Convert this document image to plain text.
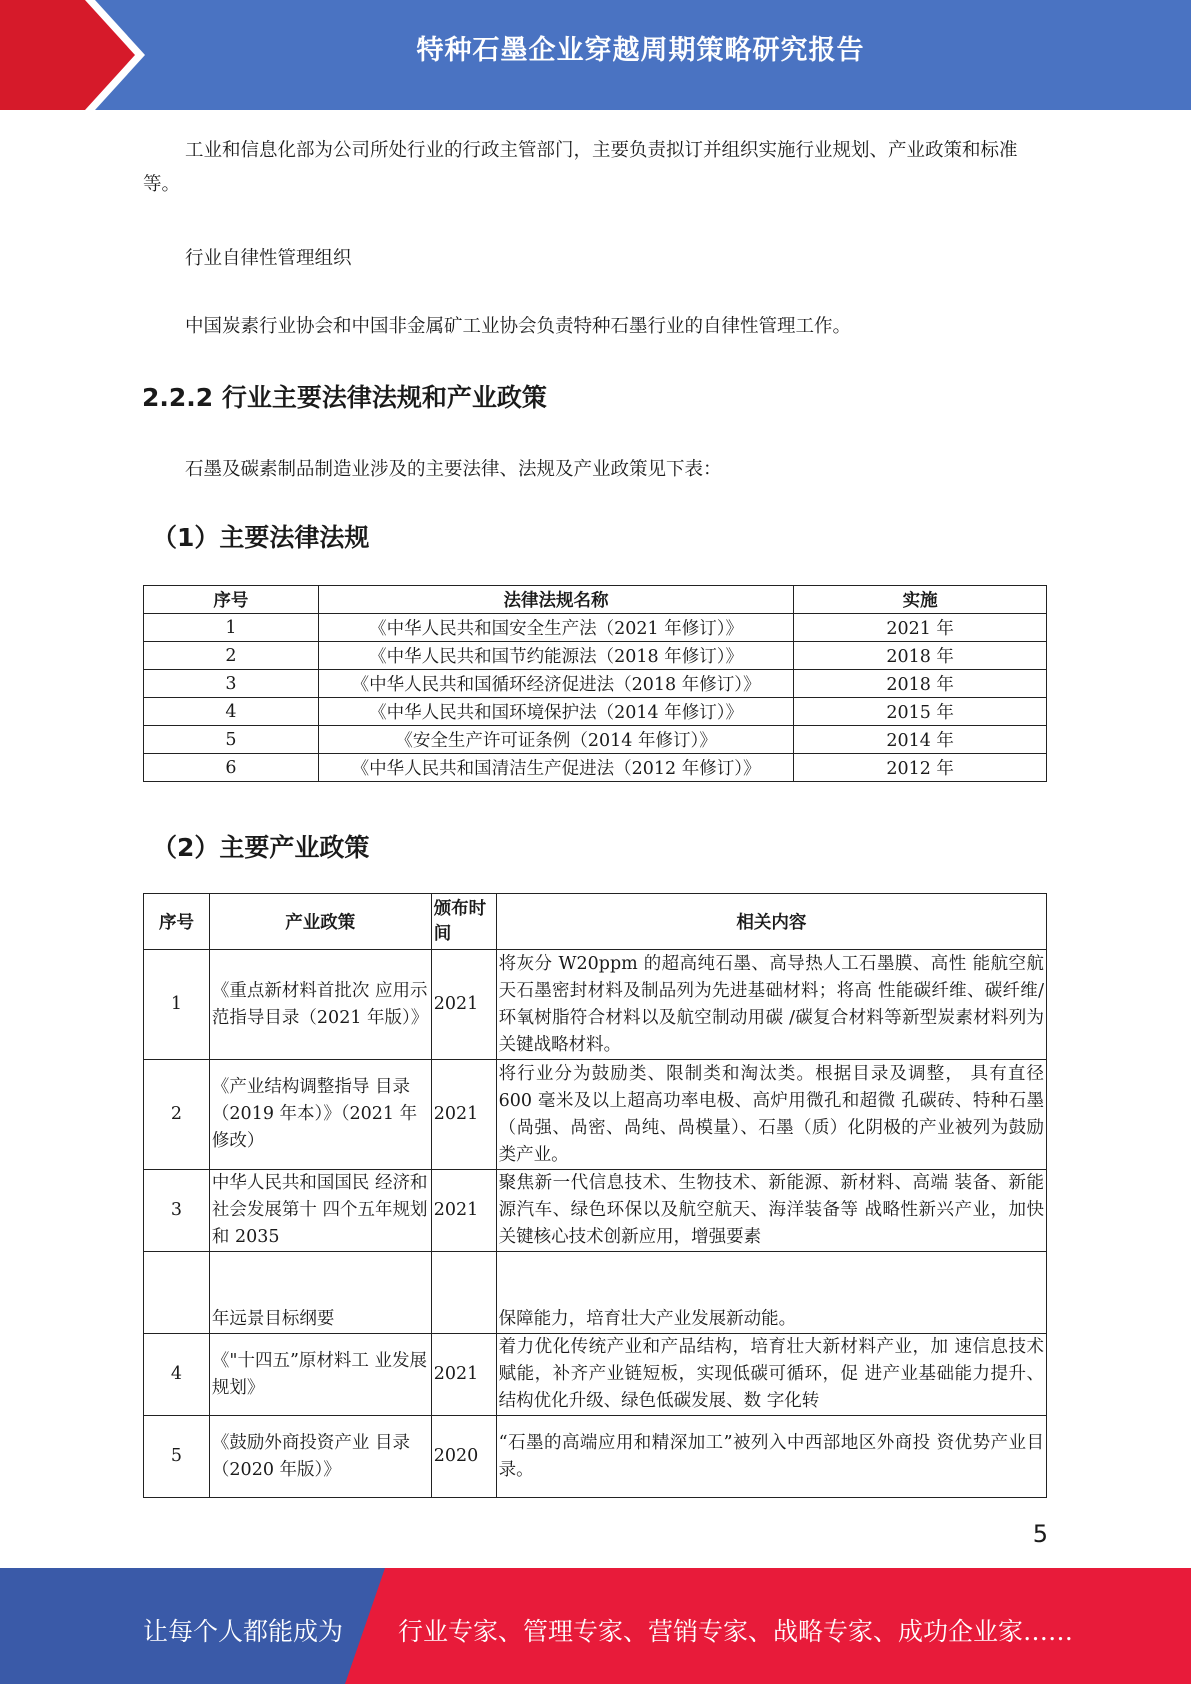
特种石墨企业穿越周期策略研究报告
工业和信息化部为公司所处行业的行政主管部门，主要负责拟订并组织实施行业规划、产业政策和标准等。
行业自律性管理组织
中国炭素行业协会和中国非金属矿工业协会负责特种石墨行业的自律性管理工作。
2.2.2 行业主要法律法规和产业政策
石墨及碳素制品制造业涉及的主要法律、法规及产业政策见下表：
（1）主要法律法规
序号	法律法规名称	实施
1	《中华人民共和国安全生产法（2021 年修订）》	2021 年
2	《中华人民共和国节约能源法（2018 年修订）》	2018 年
3	《中华人民共和国循环经济促进法（2018 年修订）》	2018 年
4	《中华人民共和国环境保护法（2014 年修订）》	2015 年
5	《安全生产许可证条例（2014 年修订）》	2014 年
6	《中华人民共和国清洁生产促进法（2012 年修订）》	2012 年
（2）主要产业政策
序号	产业政策	颁布时间	相关内容
1	《重点新材料首批次 应用示范指导目录（2021 年版）》	2021	将灰分 W20ppm 的超高纯石墨、高导热人工石墨膜、高性 能航空航天石墨密封材料及制品列为先进基础材料；将高 性能碳纤维、碳纤维/环氧树脂符合材料以及航空制动用碳 /碳复合材料等新型炭素材料列为关键战略材料。
2	《产业结构调整指导 目录（2019 年本）》（2021 年修改）	2021	将行业分为鼓励类、限制类和淘汰类。根据目录及调整， 具有直径 600 毫米及以上超高功率电极、高炉用微孔和超微 孔碳砖、特种石墨（咼强、咼密、咼纯、咼模量）、石墨（质）化阴极的产业被列为鼓励类产业。
3	中华人民共和国国民 经济和社会发展第十 四个五年规划和 2035	2021	聚焦新一代信息技术、生物技术、新能源、新材料、高端 装备、新能源汽车、绿色环保以及航空航天、海洋装备等 战略性新兴产业，加快关键核心技术创新应用，增强要素
	年远景目标纲要		保障能力，培育壮大产业发展新动能。
4	《"十四五”原材料工 业发展规划》	2021	着力优化传统产业和产品结构，培育壮大新材料产业，加 速信息技术赋能，补齐产业链短板，实现低碳可循环，促 进产业基础能力提升、结构优化升级、绿色低碳发展、数 字化转
5	《鼓励外商投资产业 目录（2020 年版）》	2020	“石墨的高端应用和精深加工”被列入中西部地区外商投 资优势产业目录。
5
让每个人都能成为 行业专家、管理专家、营销专家、战略专家、成功企业家……
